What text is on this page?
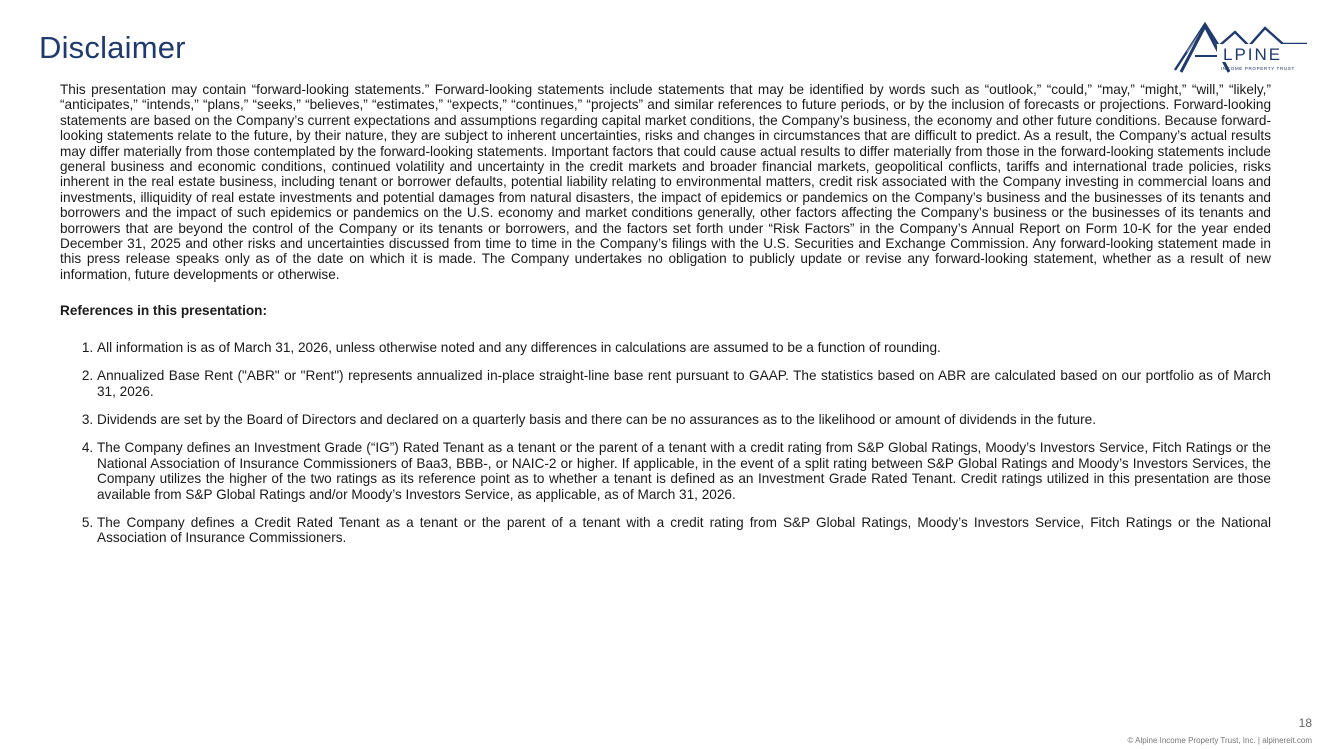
Disclaimer	LPINE
INCOME PROPERTY TRUST

This presentation may contain “forward-looking statements.” Forward-looking statements include statements that may be identified by words such as “outlook,” “could,” “may,” “might,” “will,” “likely,” “anticipates,” “intends,” “plans,” “seeks,” “believes,” “estimates,” “expects,” “continues,” “projects” and similar references to future periods, or by the inclusion of forecasts or projections. Forward-looking statements are based on the Company’s current expectations and assumptions regarding capital market conditions, the Company’s business, the economy and other future conditions. Because forward-looking statements relate to the future, by their nature, they are subject to inherent uncertainties, risks and changes in circumstances that are difficult to predict. As a result, the Company’s actual results may differ materially from those contemplated by the forward-looking statements. Important factors that could cause actual results to differ materially from those in the forward-looking statements include general business and economic conditions, continued volatility and uncertainty in the credit markets and broader financial markets, geopolitical conflicts, tariffs and international trade policies, risks inherent in the real estate business, including tenant or borrower defaults, potential liability relating to environmental matters, credit risk associated with the Company investing in commercial loans and investments, illiquidity of real estate investments and potential damages from natural disasters, the impact of epidemics or pandemics on the Company’s business and the businesses of its tenants and borrowers and the impact of such epidemics or pandemics on the U.S. economy and market conditions generally, other factors affecting the Company’s business or the businesses of its tenants and borrowers that are beyond the control of the Company or its tenants or borrowers, and the factors set forth under “Risk Factors” in the Company’s Annual Report on Form 10-K for the year ended December 31, 2025 and other risks and uncertainties discussed from time to time in the Company’s filings with the U.S. Securities and Exchange Commission. Any forward-looking statement made in this press release speaks only as of the date on which it is made. The Company undertakes no obligation to publicly update or revise any forward-looking statement, whether as a result of new information, future developments or otherwise.

References in this presentation:

1. All information is as of March 31, 2026, unless otherwise noted and any differences in calculations are assumed to be a function of rounding.
2. Annualized Base Rent ("ABR" or "Rent") represents annualized in-place straight-line base rent pursuant to GAAP. The statistics based on ABR are calculated based on our portfolio as of March 31, 2026.
3. Dividends are set by the Board of Directors and declared on a quarterly basis and there can be no assurances as to the likelihood or amount of dividends in the future.
4. The Company defines an Investment Grade (“IG”) Rated Tenant as a tenant or the parent of a tenant with a credit rating from S&P Global Ratings, Moody’s Investors Service, Fitch Ratings or the National Association of Insurance Commissioners of Baa3, BBB-, or NAIC-2 or higher. If applicable, in the event of a split rating between S&P Global Ratings and Moody’s Investors Services, the Company utilizes the higher of the two ratings as its reference point as to whether a tenant is defined as an Investment Grade Rated Tenant. Credit ratings utilized in this presentation are those available from S&P Global Ratings and/or Moody’s Investors Service, as applicable, as of March 31, 2026.
5. The Company defines a Credit Rated Tenant as a tenant or the parent of a tenant with a credit rating from S&P Global Ratings, Moody’s Investors Service, Fitch Ratings or the National Association of Insurance Commissioners.
18
© Alpine Income Property Trust, Inc. | alpinereit.com
